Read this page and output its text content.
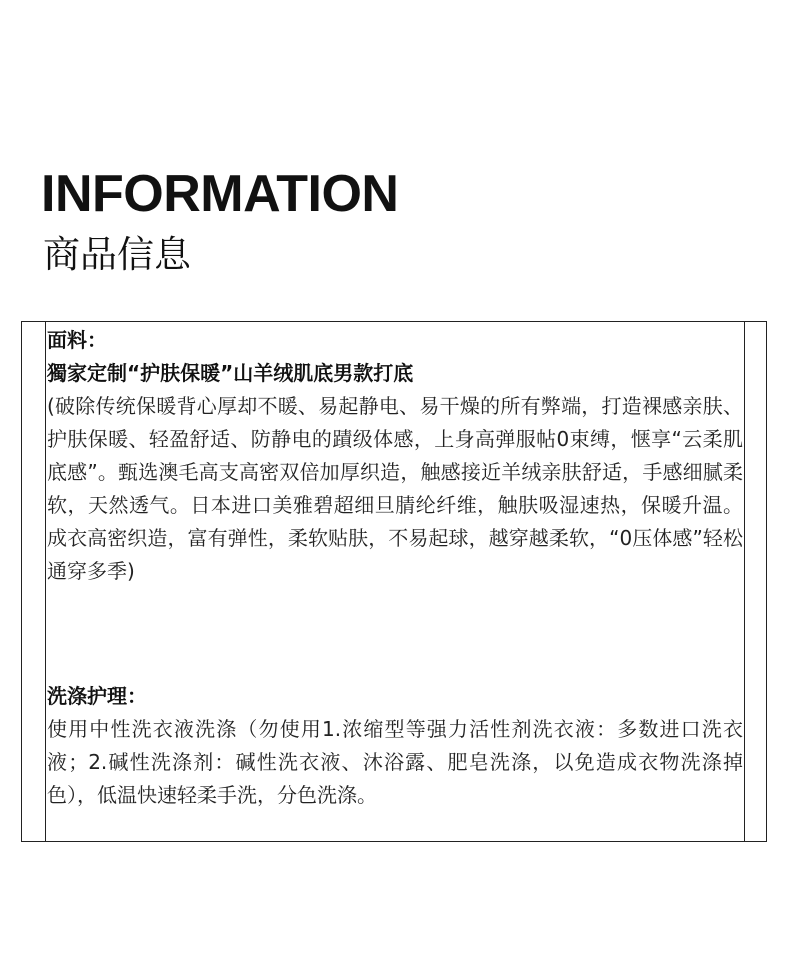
INFORMATION
商品信息

面料：

獨家定制“护肤保暖”山羊绒肌底男款打底

(破除传统保暖背心厚却不暖、易起静电、易干燥的所有弊端，打造裸感亲肤、护肤保暖、轻盈舒适、防静电的蹟级体感，上身高弹服帖0束缚，惬享“云柔肌底感”。甄选澳毛高支高密双倍加厚织造，触感接近羊绒亲肤舒适，手感细腻柔软，天然透气。日本进口美雅碧超细旦腈纶纤维，触肤吸湿速热，保暖升温。成衣高密织造，富有弹性，柔软贴肤，不易起球，越穿越柔软，“0压体感”轻松通穿多季)

洗涤护理：

使用中性洗衣液洗涤（勿使用1.浓缩型等强力活性剂洗衣液：多数进口洗衣液；2.碱性洗涤剂：碱性洗衣液、沐浴露、肥皂洗涤，以免造成衣物洗涤掉色），低温快速轻柔手洗，分色洗涤。
